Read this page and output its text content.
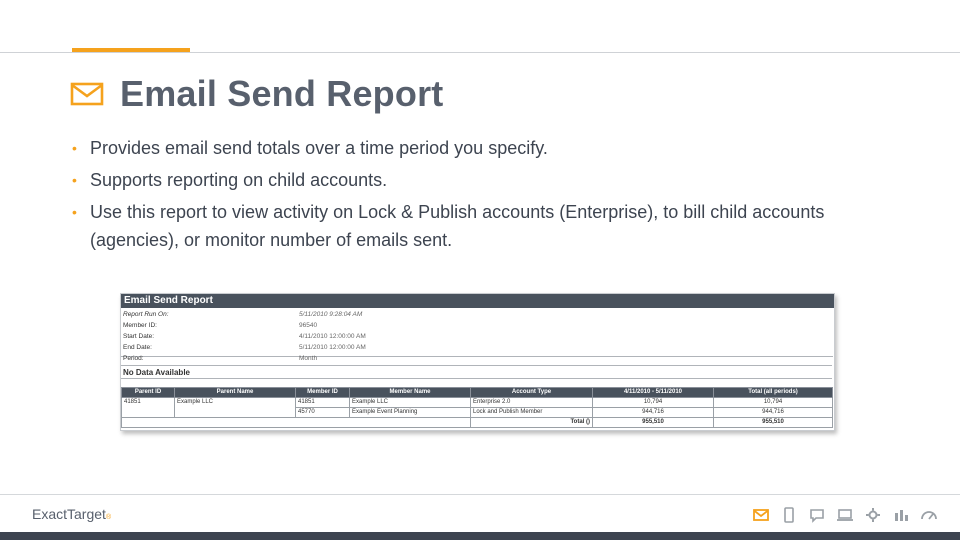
Email Send Report
• Provides email send totals over a time period you specify.
• Supports reporting on child accounts.
• Use this report to view activity on Lock & Publish accounts (Enterprise), to bill child accounts (agencies), or monitor number of emails sent.
Email Send Report
Report Run On:	5/11/2010 9:28:04 AM
Member ID:	96540
Start Date:	4/11/2010 12:00:00 AM
End Date:	5/11/2010 12:00:00 AM
Period:	Month
No Data Available
Parent ID	Parent Name	Member ID	Member Name	Account Type	4/11/2010 - 5/11/2010	Total (all periods)
41851	Example LLC	41851	Example LLC	Enterprise 2.0	10,794	10,794
		45770	Example Event Planning	Lock and Publish Member	944,716	944,716
				Total ()	955,510	955,510
ExactTarget®
